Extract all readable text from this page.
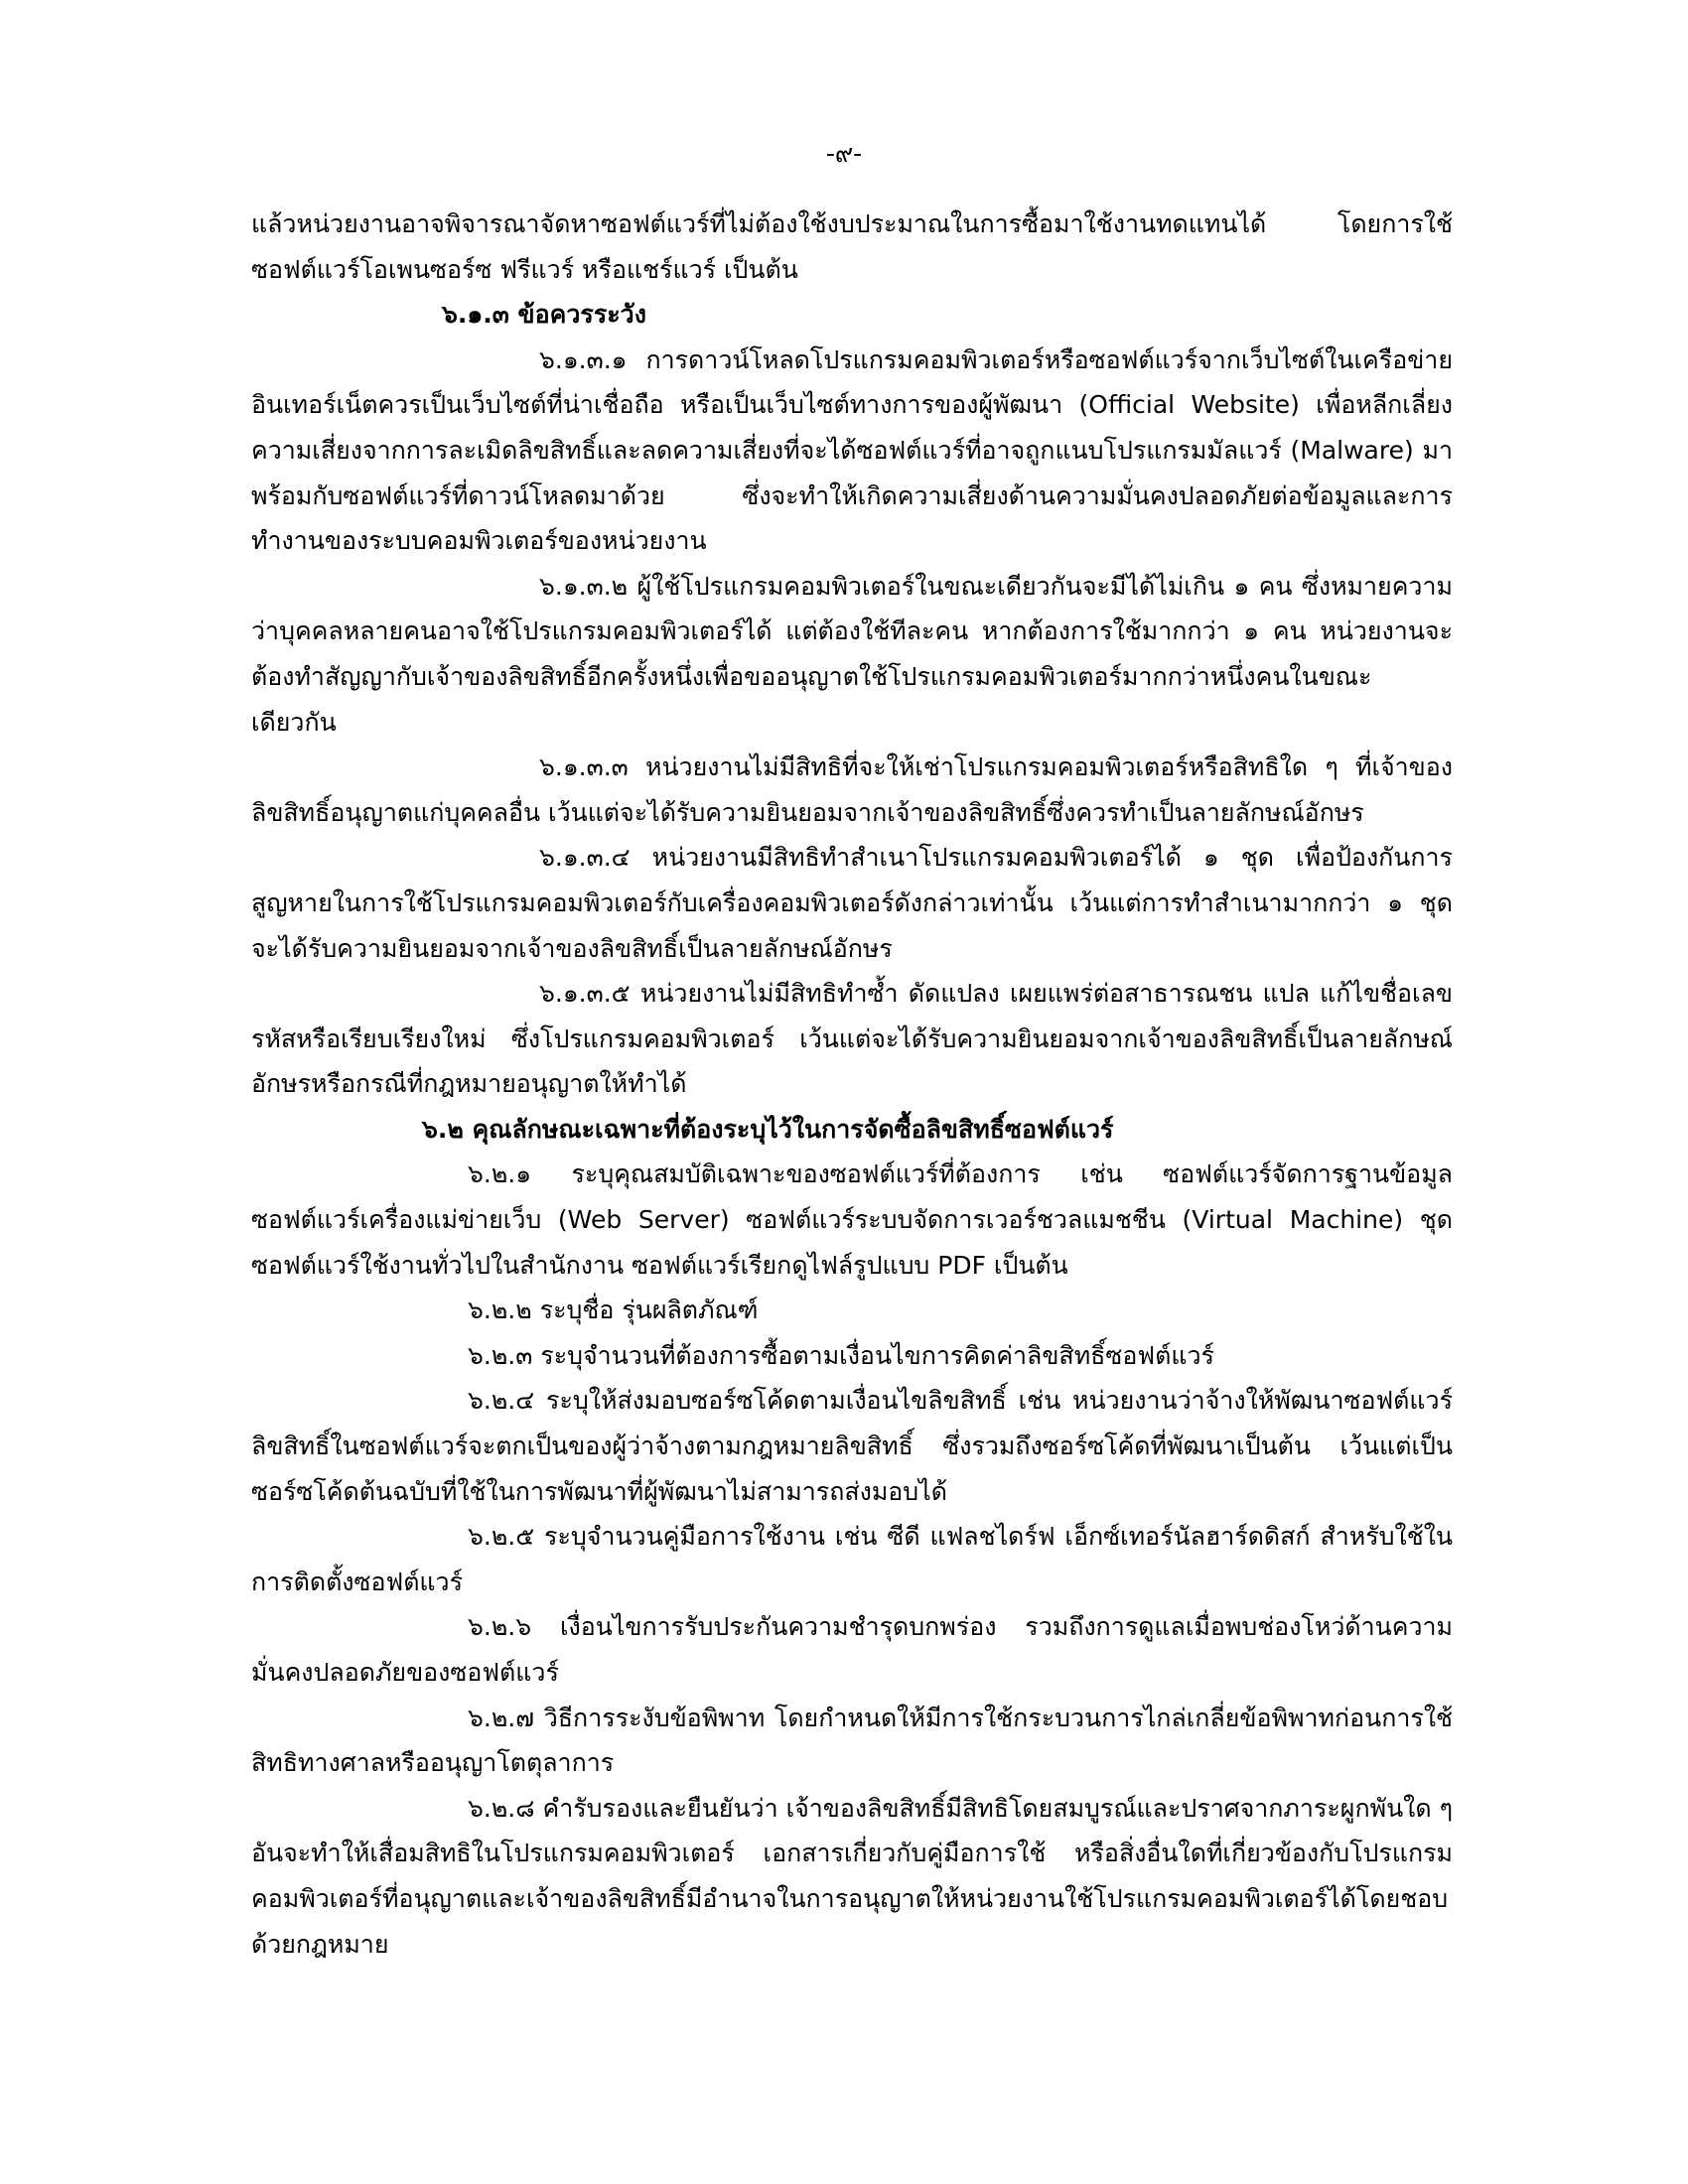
-๙-

แล้วหน่วยงานอาจพิจารณาจัดหาซอฟต์แวร์ที่ไม่ต้องใช้งบประมาณในการซื้อมาใช้งานทดแทนได้ โดยการใช้ซอฟต์แวร์โอเพนซอร์ซ ฟรีแวร์ หรือแชร์แวร์ เป็นต้น

๖.๑.๓ ข้อควรระวัง

๖.๑.๓.๑ การดาวน์โหลดโปรแกรมคอมพิวเตอร์หรือซอฟต์แวร์จากเว็บไซต์ในเครือข่ายอินเทอร์เน็ตควรเป็นเว็บไซต์ที่น่าเชื่อถือ หรือเป็นเว็บไซต์ทางการของผู้พัฒนา (Official Website) เพื่อหลีกเลี่ยงความเสี่ยงจากการละเมิดลิขสิทธิ์และลดความเสี่ยงที่จะได้ซอฟต์แวร์ที่อาจถูกแนบโปรแกรมมัลแวร์ (Malware) มาพร้อมกับซอฟต์แวร์ที่ดาวน์โหลดมาด้วย ซึ่งจะทำให้เกิดความเสี่ยงด้านความมั่นคงปลอดภัยต่อข้อมูลและการทำงานของระบบคอมพิวเตอร์ของหน่วยงาน

๖.๑.๓.๒ ผู้ใช้โปรแกรมคอมพิวเตอร์ในขณะเดียวกันจะมีได้ไม่เกิน ๑ คน ซึ่งหมายความว่าบุคคลหลายคนอาจใช้โปรแกรมคอมพิวเตอร์ได้ แต่ต้องใช้ทีละคน หากต้องการใช้มากกว่า ๑ คน หน่วยงานจะต้องทำสัญญากับเจ้าของลิขสิทธิ์อีกครั้งหนึ่งเพื่อขออนุญาตใช้โปรแกรมคอมพิวเตอร์มากกว่าหนึ่งคนในขณะเดียวกัน

๖.๑.๓.๓ หน่วยงานไม่มีสิทธิที่จะให้เช่าโปรแกรมคอมพิวเตอร์หรือสิทธิใด ๆ ที่เจ้าของลิขสิทธิ์อนุญาตแก่บุคคลอื่น เว้นแต่จะได้รับความยินยอมจากเจ้าของลิขสิทธิ์ซึ่งควรทำเป็นลายลักษณ์อักษร

๖.๑.๓.๔ หน่วยงานมีสิทธิทำสำเนาโปรแกรมคอมพิวเตอร์ได้ ๑ ชุด เพื่อป้องกันการสูญหายในการใช้โปรแกรมคอมพิวเตอร์กับเครื่องคอมพิวเตอร์ดังกล่าวเท่านั้น เว้นแต่การทำสำเนามากกว่า ๑ ชุด จะได้รับความยินยอมจากเจ้าของลิขสิทธิ์เป็นลายลักษณ์อักษร

๖.๑.๓.๕ หน่วยงานไม่มีสิทธิทำซ้ำ ดัดแปลง เผยแพร่ต่อสาธารณชน แปล แก้ไขชื่อเลขรหัสหรือเรียบเรียงใหม่ ซึ่งโปรแกรมคอมพิวเตอร์ เว้นแต่จะได้รับความยินยอมจากเจ้าของลิขสิทธิ์เป็นลายลักษณ์อักษรหรือกรณีที่กฎหมายอนุญาตให้ทำได้

๖.๒ คุณลักษณะเฉพาะที่ต้องระบุไว้ในการจัดซื้อลิขสิทธิ์ซอฟต์แวร์

๖.๒.๑ ระบุคุณสมบัติเฉพาะของซอฟต์แวร์ที่ต้องการ เช่น ซอฟต์แวร์จัดการฐานข้อมูลซอฟต์แวร์เครื่องแม่ข่ายเว็บ (Web Server) ซอฟต์แวร์ระบบจัดการเวอร์ชวลแมชชีน (Virtual Machine) ชุดซอฟต์แวร์ใช้งานทั่วไปในสำนักงาน ซอฟต์แวร์เรียกดูไฟล์รูปแบบ PDF เป็นต้น

๖.๒.๒ ระบุชื่อ รุ่นผลิตภัณฑ์

๖.๒.๓ ระบุจำนวนที่ต้องการซื้อตามเงื่อนไขการคิดค่าลิขสิทธิ์ซอฟต์แวร์

๖.๒.๔ ระบุให้ส่งมอบซอร์ซโค้ดตามเงื่อนไขลิขสิทธิ์ เช่น หน่วยงานว่าจ้างให้พัฒนาซอฟต์แวร์ลิขสิทธิ์ในซอฟต์แวร์จะตกเป็นของผู้ว่าจ้างตามกฎหมายลิขสิทธิ์ ซึ่งรวมถึงซอร์ซโค้ดที่พัฒนาเป็นต้น เว้นแต่เป็นซอร์ซโค้ดต้นฉบับที่ใช้ในการพัฒนาที่ผู้พัฒนาไม่สามารถส่งมอบได้

๖.๒.๕ ระบุจำนวนคู่มือการใช้งาน เช่น ซีดี แฟลชไดร์ฟ เอ็กซ์เทอร์นัลฮาร์ดดิสก์ สำหรับใช้ในการติดตั้งซอฟต์แวร์

๖.๒.๖ เงื่อนไขการรับประกันความชำรุดบกพร่อง รวมถึงการดูแลเมื่อพบช่องโหว่ด้านความมั่นคงปลอดภัยของซอฟต์แวร์

๖.๒.๗ วิธีการระงับข้อพิพาท โดยกำหนดให้มีการใช้กระบวนการไกล่เกลี่ยข้อพิพาทก่อนการใช้สิทธิทางศาลหรืออนุญาโตตุลาการ

๖.๒.๘ คำรับรองและยืนยันว่า เจ้าของลิขสิทธิ์มีสิทธิโดยสมบูรณ์และปราศจากภาระผูกพันใด ๆ อันจะทำให้เสื่อมสิทธิในโปรแกรมคอมพิวเตอร์ เอกสารเกี่ยวกับคู่มือการใช้ หรือสิ่งอื่นใดที่เกี่ยวข้องกับโปรแกรมคอมพิวเตอร์ที่อนุญาตและเจ้าของลิขสิทธิ์มีอำนาจในการอนุญาตให้หน่วยงานใช้โปรแกรมคอมพิวเตอร์ได้โดยชอบด้วยกฎหมาย
